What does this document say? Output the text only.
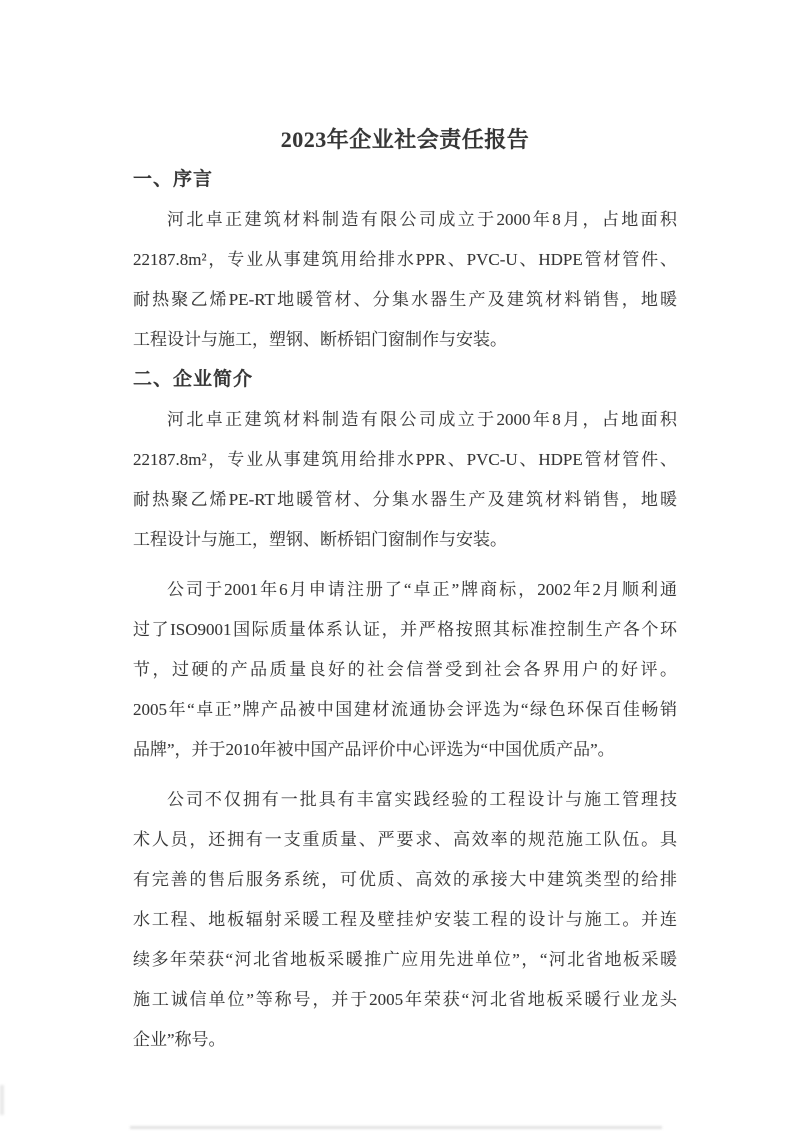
2023年企业社会责任报告
一、序言
河北卓正建筑材料制造有限公司成立于2000年8月，占地面积
22187.8m²，专业从事建筑用给排水PPR、PVC-U、HDPE管材管件、
耐热聚乙烯PE-RT地暖管材、分集水器生产及建筑材料销售，地暖
工程设计与施工，塑钢、断桥铝门窗制作与安装。
二、企业简介
河北卓正建筑材料制造有限公司成立于2000年8月，占地面积
22187.8m²，专业从事建筑用给排水PPR、PVC-U、HDPE管材管件、
耐热聚乙烯PE-RT地暖管材、分集水器生产及建筑材料销售，地暖
工程设计与施工，塑钢、断桥铝门窗制作与安装。
公司于2001年6月申请注册了“卓正”牌商标，2002年2月顺利通
过了ISO9001国际质量体系认证，并严格按照其标准控制生产各个环
节，过硬的产品质量良好的社会信誉受到社会各界用户的好评。
2005年“卓正”牌产品被中国建材流通协会评选为“绿色环保百佳畅销
品牌”，并于2010年被中国产品评价中心评选为“中国优质产品”。
公司不仅拥有一批具有丰富实践经验的工程设计与施工管理技
术人员，还拥有一支重质量、严要求、高效率的规范施工队伍。具
有完善的售后服务系统，可优质、高效的承接大中建筑类型的给排
水工程、地板辐射采暖工程及壁挂炉安装工程的设计与施工。并连
续多年荣获“河北省地板采暖推广应用先进单位”，“河北省地板采暖
施工诚信单位”等称号，并于2005年荣获“河北省地板采暖行业龙头
企业”称号。
